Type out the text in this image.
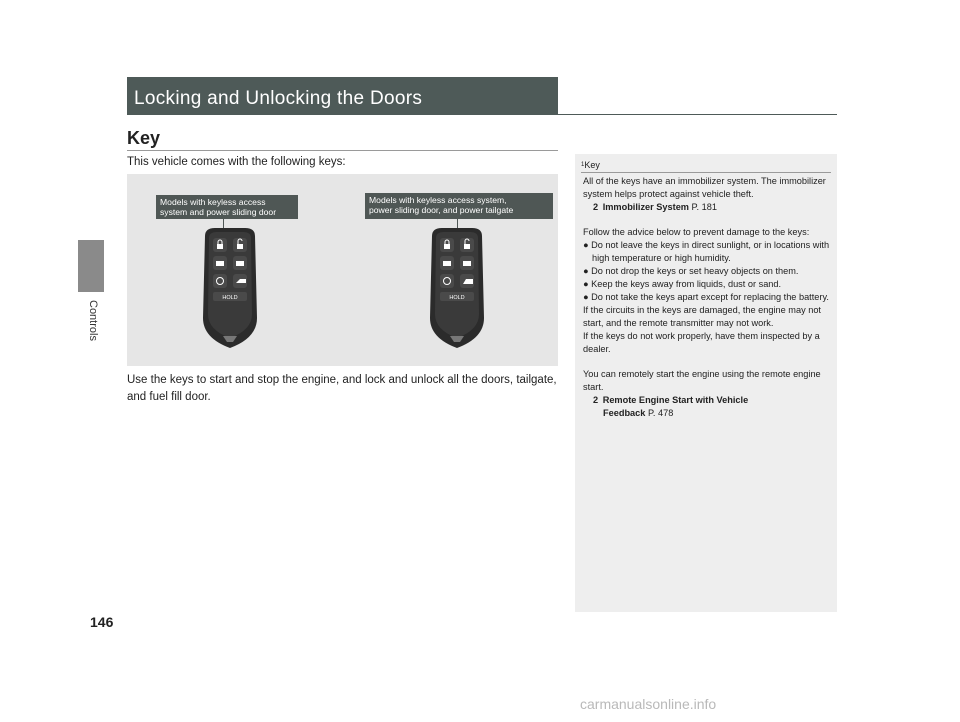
Controls
146
Locking and Unlocking the Doors
Key
This vehicle comes with the following keys:
Models with keyless access
system and power sliding door
Models with keyless access system,
power sliding door, and power tailgate
HOLD	HOLD
Use the keys to start and stop the engine, and lock and unlock all the doors, tailgate, and fuel fill door.
$^1$Key

All of the keys have an immobilizer system. The immobilizer system helps protect against vehicle theft.

2 Immobilizer System P. 181

Follow the advice below to prevent damage to the keys:

● Do not leave the keys in direct sunlight, or in locations with high temperature or high humidity.

● Do not drop the keys or set heavy objects on them.

● Keep the keys away from liquids, dust or sand.

● Do not take the keys apart except for replacing the battery.

If the circuits in the keys are damaged, the engine may not start, and the remote transmitter may not work.

If the keys do not work properly, have them inspected by a dealer.

You can remotely start the engine using the remote engine start.

2 Remote Engine Start with Vehicle

Feedback P. 478

carmanualsonline.info
